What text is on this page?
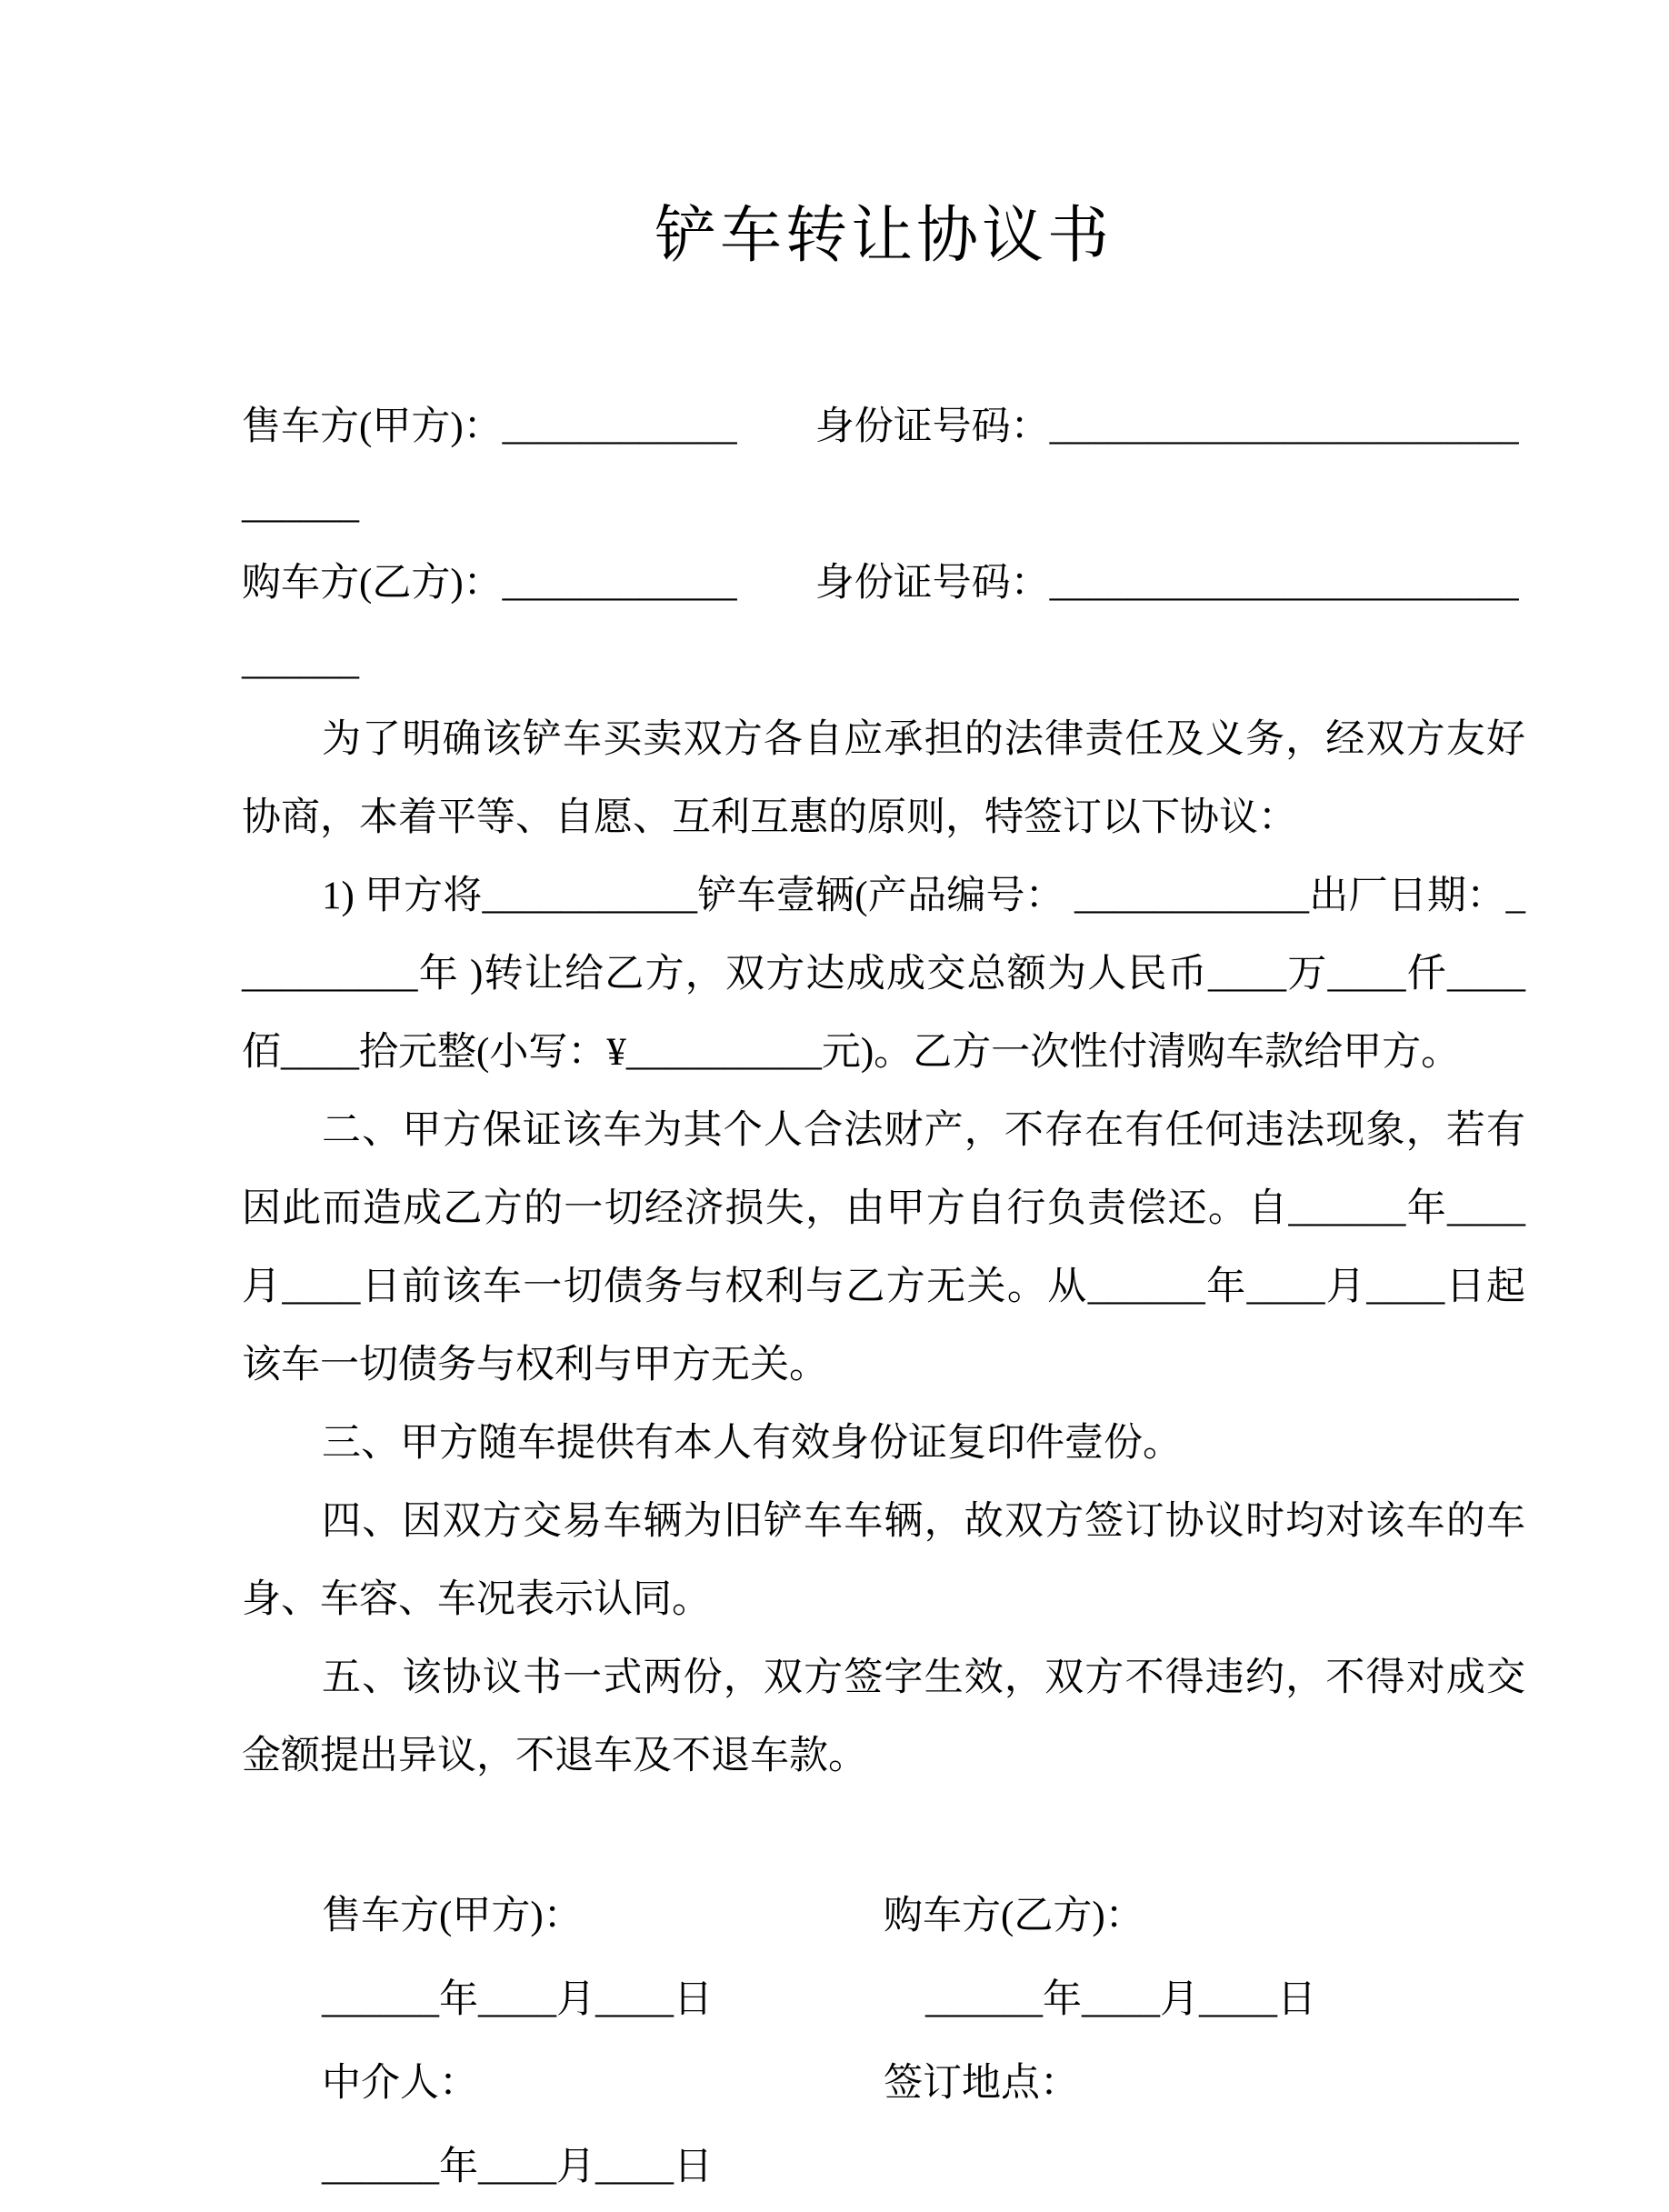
铲车转让协议书

售车方(甲方)：____________　　身份证号码：______________________________

购车方(乙方)：____________　　身份证号码：______________________________

为了明确该铲车买卖双方各自应承担的法律责任及义务，经双方友好协商，本着平等、自愿、互利互惠的原则，特签订以下协议：

1) 甲方将___________铲车壹辆(产品编号： ____________出厂日期：__________年 )转让给乙方，双方达成成交总额为人民币____万____仟____佰____拾元整(小写：¥__________元)。乙方一次性付清购车款给甲方。

二、甲方保证该车为其个人合法财产，不存在有任何违法现象，若有因此而造成乙方的一切经济损失，由甲方自行负责偿还。自______年____月____日前该车一切债务与权利与乙方无关。从______年____月____日起该车一切债务与权利与甲方无关。

三、甲方随车提供有本人有效身份证复印件壹份。

四、因双方交易车辆为旧铲车车辆，故双方签订协议时均对该车的车身、车容、车况表示认同。

五、该协议书一式两份，双方签字生效，双方不得违约，不得对成交金额提出异议，不退车及不退车款。

售车方(甲方)：

______年____月____日

中介人：

______年____月____日

购车方(乙方)：

______年____月____日

签订地点：
